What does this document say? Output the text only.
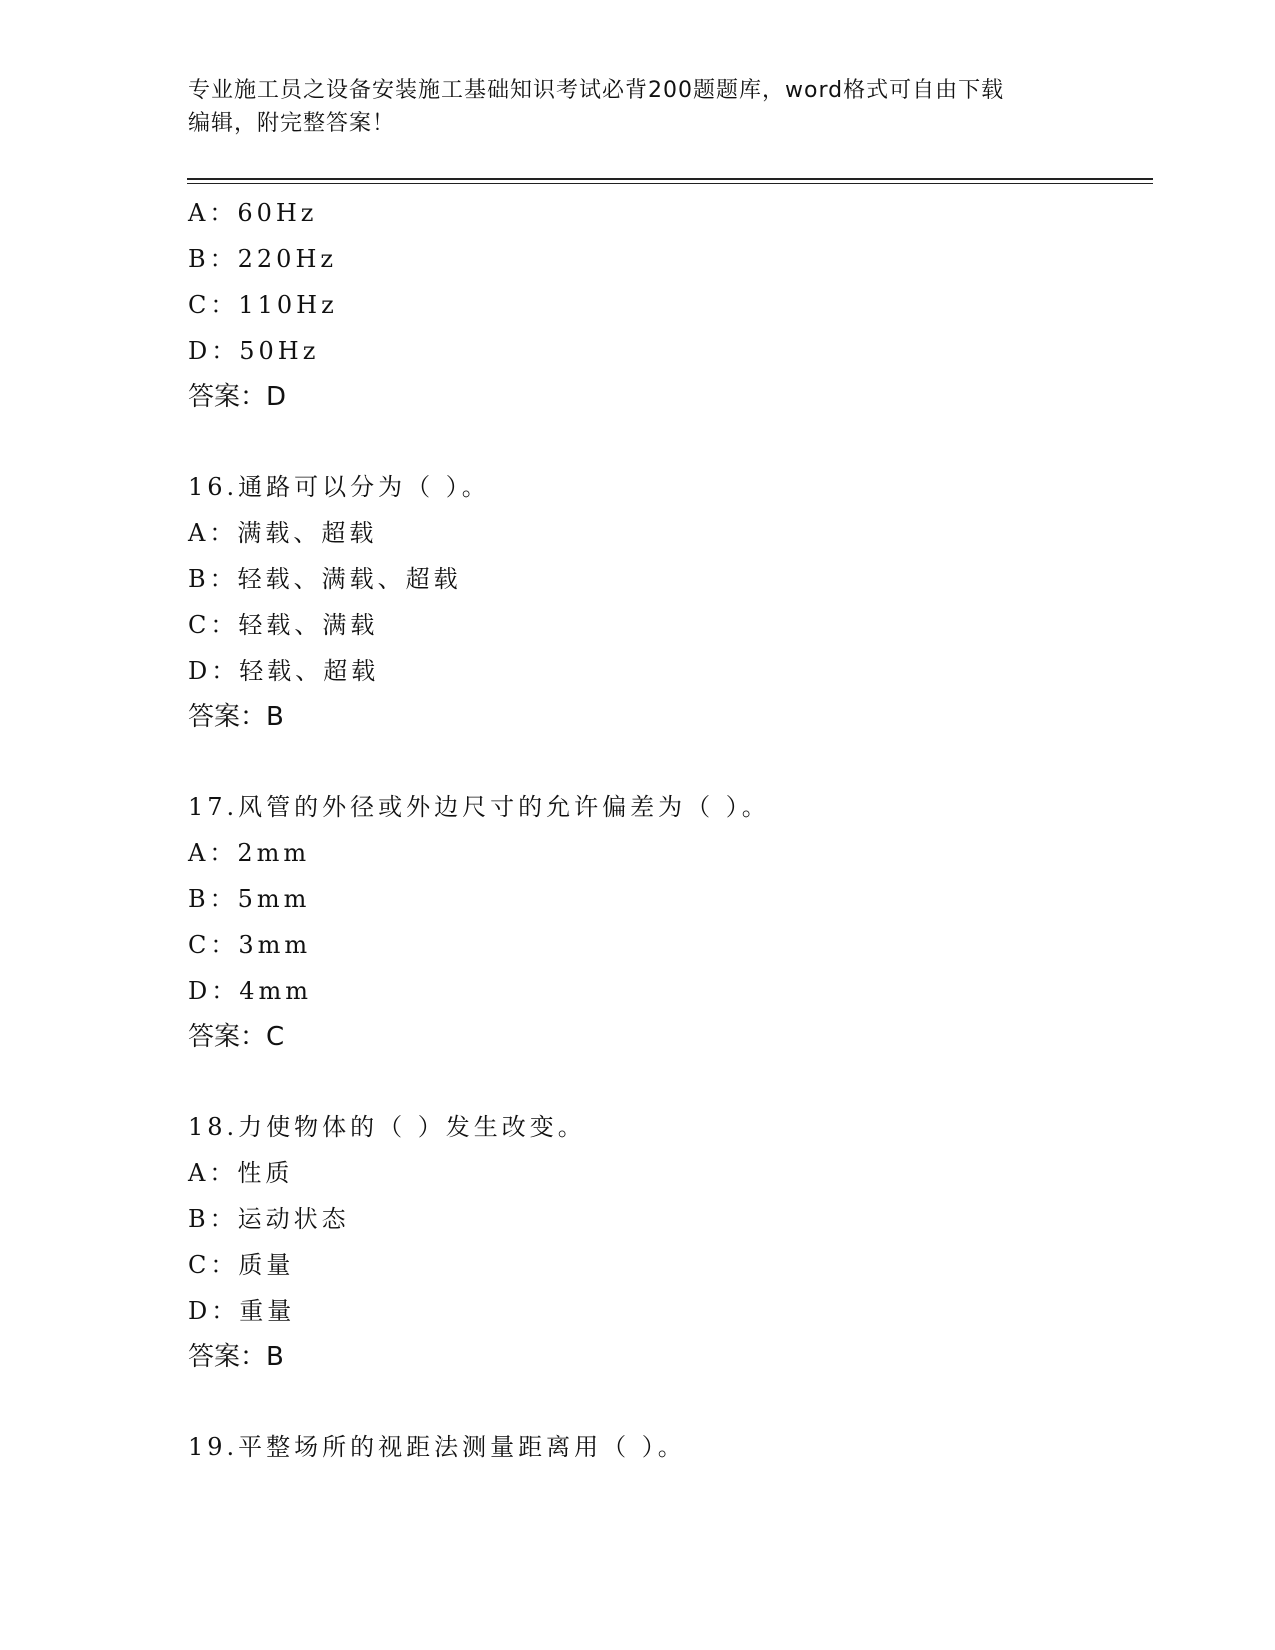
专业施工员之设备安装施工基础知识考试必背200题题库，word格式可自由下载
编辑，附完整答案！
A：60Hz
B：220Hz
C：110Hz
D：50Hz
答案：D
16.通路可以分为（ ）。
A：满载、超载
B：轻载、满载、超载
C：轻载、满载
D：轻载、超载
答案：B
17.风管的外径或外边尺寸的允许偏差为（ ）。
A：2mm
B：5mm
C：3mm
D：4mm
答案：C
18.力使物体的（ ）发生改变。
A：性质
B：运动状态
C：质量
D：重量
答案：B
19.平整场所的视距法测量距离用（ ）。
